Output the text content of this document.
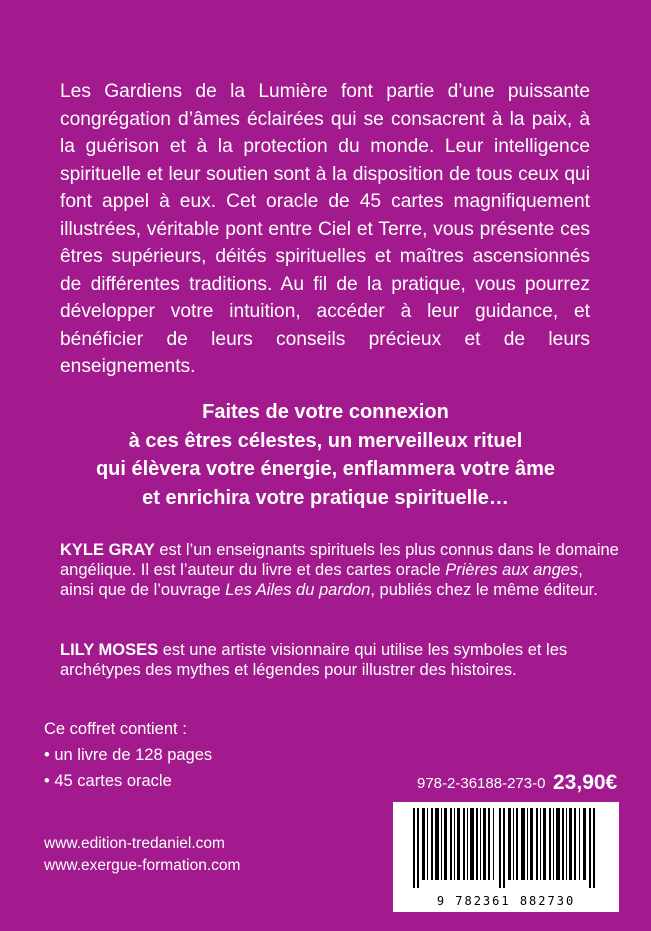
Les Gardiens de la Lumière font partie d’une puissante congrégation d’âmes éclairées qui se consacrent à la paix, à la guérison et à la protection du monde. Leur intelligence spirituelle et leur soutien sont à la disposition de tous ceux qui font appel à eux. Cet oracle de 45 cartes magnifiquement illustrées, véritable pont entre Ciel et Terre, vous présente ces êtres supérieurs, déités spirituelles et maîtres ascensionnés de différentes traditions. Au fil de la pratique, vous pourrez développer votre intuition, accéder à leur guidance, et bénéficier de leurs conseils précieux et de leurs enseignements.

Faites de votre connexion
à ces êtres célestes, un merveilleux rituel
qui élèvera votre énergie, enflammera votre âme
et enrichira votre pratique spirituelle…

KYLE GRAY est l’un enseignants spirituels les plus connus dans le domaine angélique. Il est l’auteur du livre et des cartes oracle Prières aux anges, ainsi que de l’ouvrage Les Ailes du pardon, publiés chez le même éditeur.

LILY MOSES est une artiste visionnaire qui utilise les symboles et les archétypes des mythes et légendes pour illustrer des histoires.

Ce coffret contient :

• un livre de 128 pages
• 45 cartes oracle
www.edition-tredaniel.com
www.exergue-formation.com
978-2-36188-273-0 23,90€
9 782361 882730
